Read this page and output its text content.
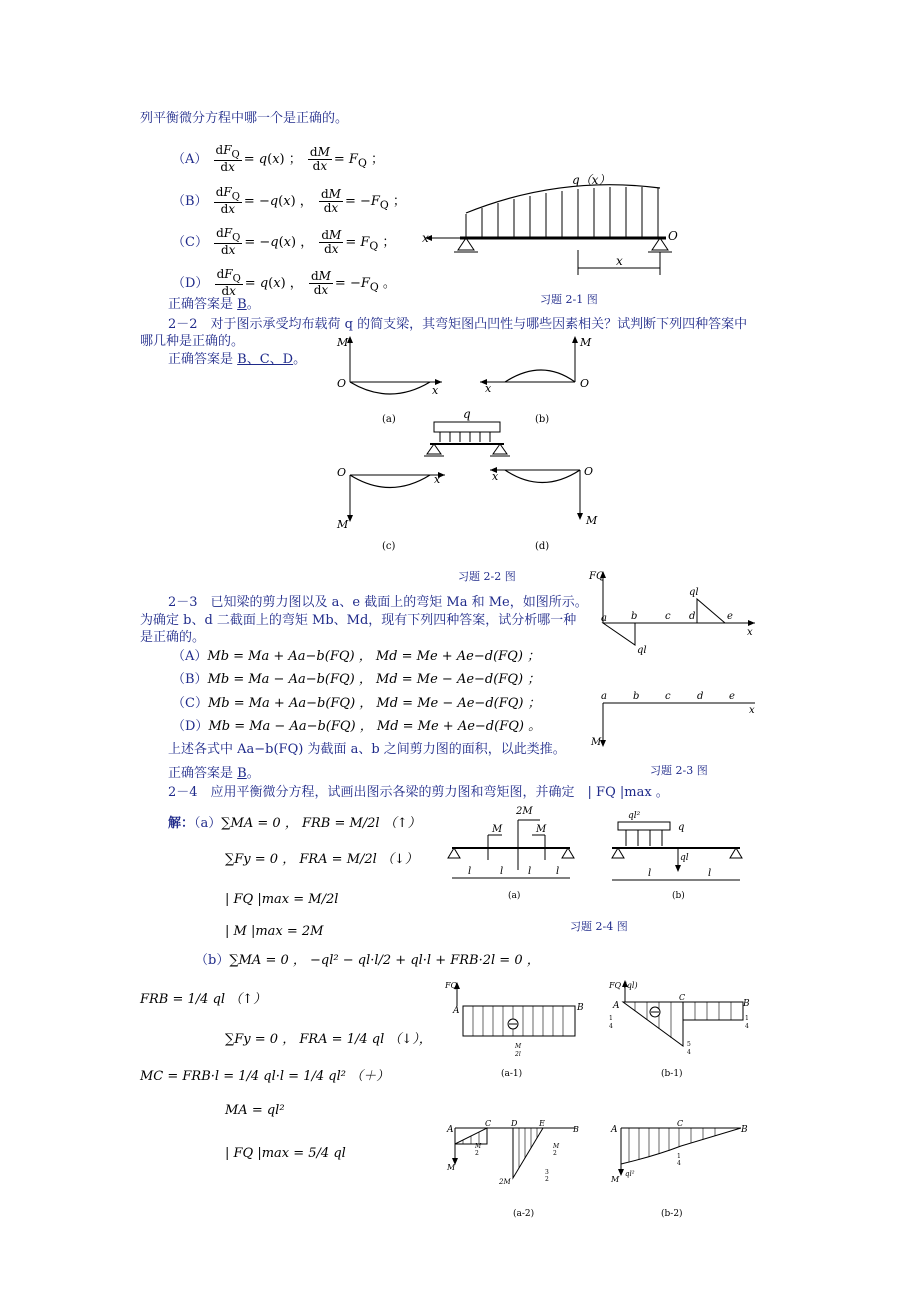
列平衡微分方程中哪一个是正确的。
$(A) \frac{dF_Q}{dx} = q(x)$ ； $\frac{dM}{dx} = F_Q$ ；
$(B) \frac{dF_Q}{dx} = -q(x)$ ， $\frac{dM}{dx} = -F_Q$ ；
$(C) \frac{dF_Q}{dx} = -q(x)$ ， $\frac{dM}{dx} = F_Q$ ；
$(D) \frac{dF_Q}{dx} = q(x)$ ， $\frac{dM}{dx} = -F_Q$ 。
正确答案是 B。
x	O
q（x）
x
习题 2-1 图
2－2　对于图示承受均布载荷 q 的简支梁，其弯矩图凸凹性与哪些因素相关？试判断下列四种答案中
哪几种是正确的。
正确答案是 B、C、D。
M
O
x
(a)
M
O
x
(b)
q
O
x
M
(c)
O
x
M
(d)
习题 2-2 图
2－3　已知梁的剪力图以及 a、e 截面上的弯矩 Ma 和 Me，如图所示。
为确定 b、d 二截面上的弯矩 Mb、Md，现有下列四种答案，试分析哪一种
是正确的。
（A）Mb = Ma + Aa−b(FQ) ， Md = Me + Ae−d(FQ) ；
（B）Mb = Ma − Aa−b(FQ) ， Md = Me − Ae−d(FQ) ；
（C）Mb = Ma + Aa−b(FQ) ， Md = Me − Ae−d(FQ) ；
（D）Mb = Ma − Aa−b(FQ) ， Md = Me + Ae−d(FQ) 。
上述各式中 Aa−b(FQ) 为截面 a、b 之间剪力图的面积，以此类推。
正确答案是 B。
FQ
a b	c d	e
ql
ql
x
a	b	c	d	e
x
M
习题 2-3 图
2－4　应用平衡微分方程，试画出图示各梁的剪力图和弯矩图，并确定　| FQ |max 。
解：（a）∑MA = 0 ， FRB = M/2l （↑）
∑Fy = 0 ， FRA = M/2l （↓）
| FQ |max = M/2l
| M |max = 2M
M
2M
M
l	l l l
(a)
ql²
q
ql
l	l
(b)
习题 2-4 图
（b）∑MA = 0 ， −ql² − ql·l/2 + ql·l + FRB·2l = 0 ，
FRB = 1/4 ql （↑）
∑Fy = 0 ， FRA = 1/4 ql （↓），
MC = FRB·l = 1/4 ql·l = 1/4 ql² （＋）
MA = ql²
| FQ |max = 5/4 ql
FQ
A	B
M
2l
(a-1)
FQ (ql)
A
C
B
1
4
5
4
1
4
(b-1)
A
M
C D	E
B
M
2
2M
M
2
3
2
(a-2)
A
M
C
B
ql²
1
4
(b-2)
